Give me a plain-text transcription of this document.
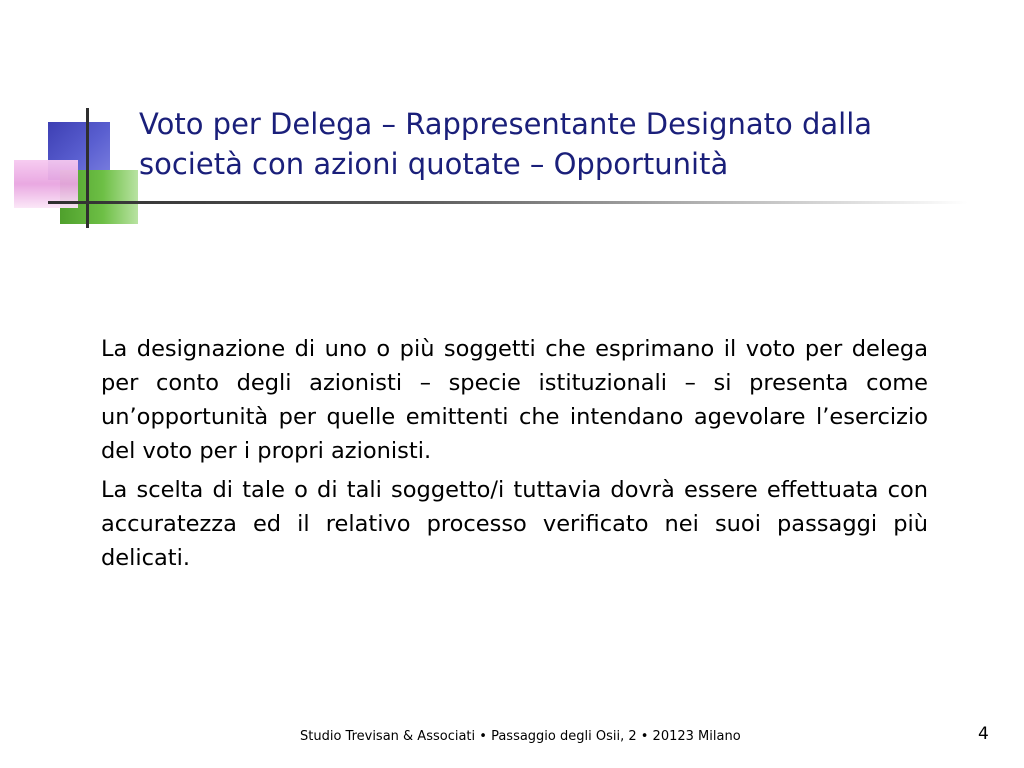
Voto per Delega – Rappresentante Designato dalla società con azioni quotate – Opportunità

La designazione di uno o più soggetti che esprimano il voto per delega per conto degli azionisti – specie istituzionali – si presenta come un’opportunità per quelle emittenti che intendano agevolare l’esercizio del voto per i propri azionisti.

La scelta di tale o di tali soggetto/i tuttavia dovrà essere effettuata con accuratezza ed il relativo processo verificato nei suoi passaggi più delicati.

Studio Trevisan & Associati • Passaggio degli Osii, 2 • 20123 Milano	4
